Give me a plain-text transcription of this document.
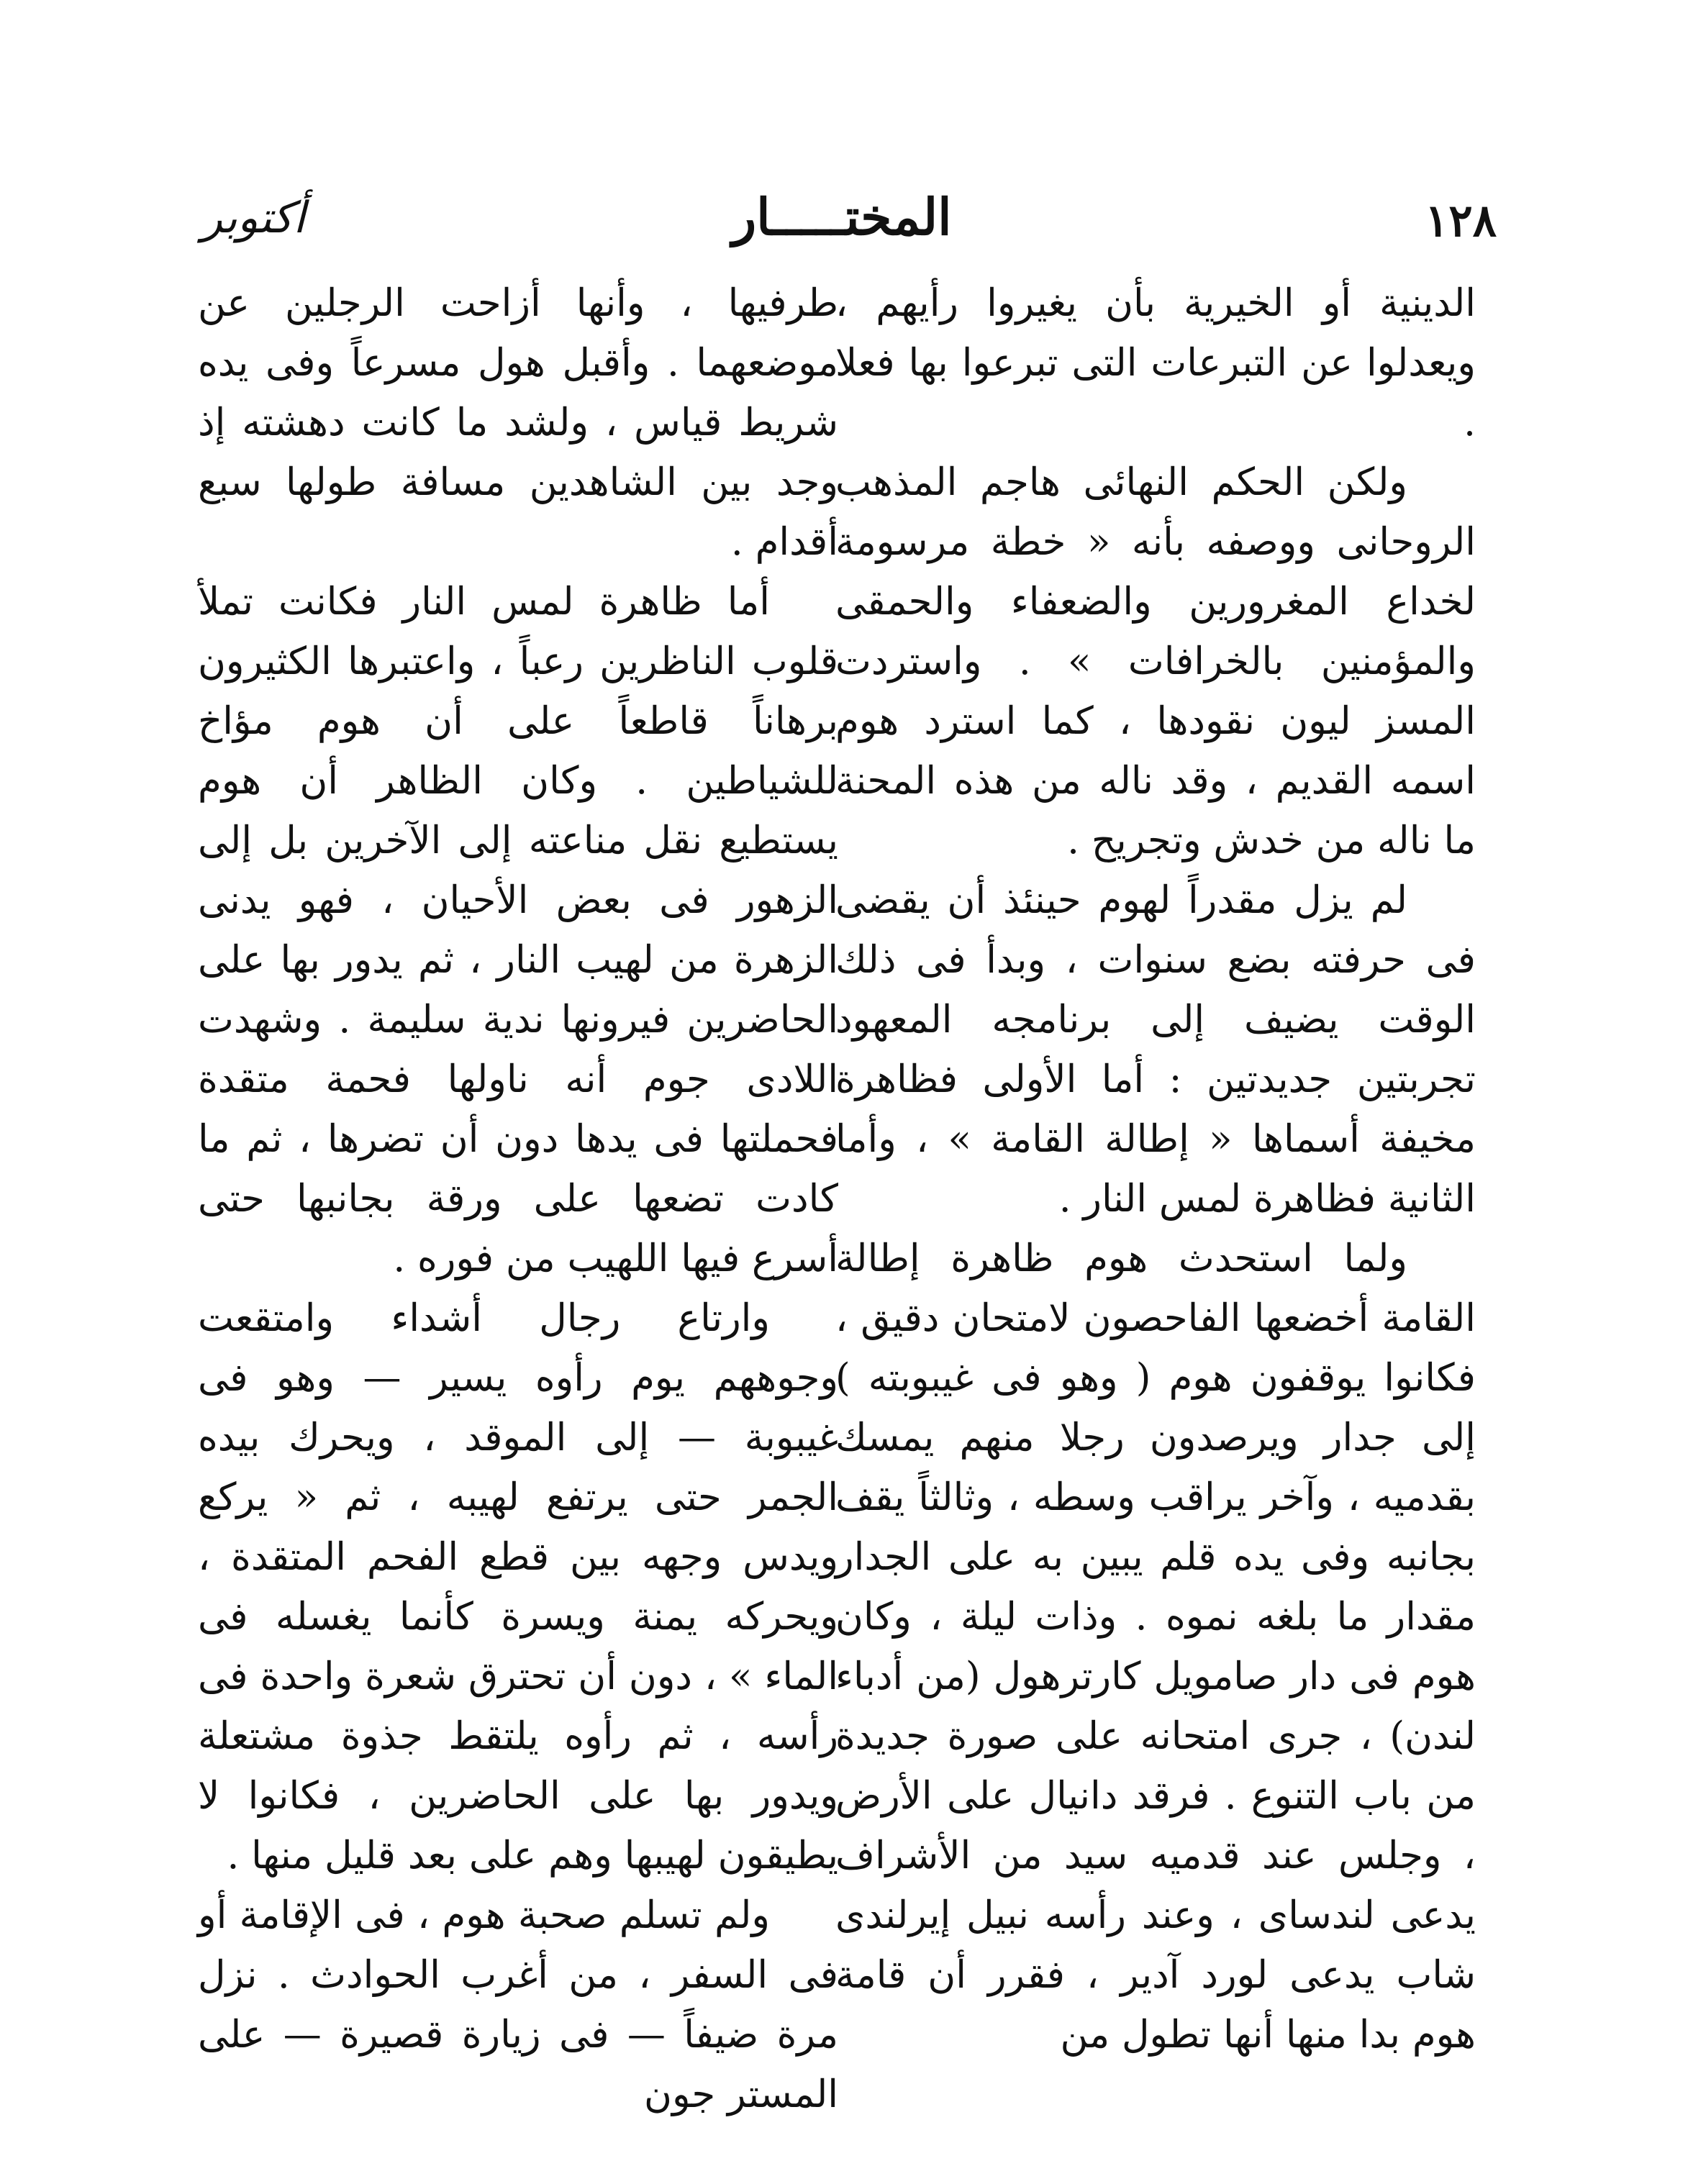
١٢٨
المختـــــار
أكتوبر

الدينية أو الخيرية بأن يغيروا رأيهم ، ويعدلوا عن التبرعات التى تبرعوا بها فعلا .

ولكن الحكم النهائى هاجم المذهب الروحانى ووصفه بأنه « خطة مرسومة لخداع المغرورين والضعفاء والحمقى والمؤمنين بالخرافات » . واستردت المسز ليون نقودها ، كما استرد هوم اسمه القديم ، وقد ناله من هذه المحنة ما ناله من خدش وتجريح .

لم يزل مقدراً لهوم حينئذ أن يقضى فى حرفته بضع سنوات ، وبدأ فى ذلك الوقت يضيف إلى برنامجه المعهود تجربتين جديدتين : أما الأولى فظاهرة مخيفة أسماها « إطالة القامة » ، وأما الثانية فظاهرة لمس النار .

ولما استحدث هوم ظاهرة إطالة القامة أخضعها الفاحصون لامتحان دقيق ، فكانوا يوقفون هوم ( وهو فى غيبوبته ) إلى جدار ويرصدون رجلا منهم يمسك بقدميه ، وآخر يراقب وسطه ، وثالثاً يقف بجانبه وفى يده قلم يبين به على الجدار مقدار ما بلغه نموه . وذات ليلة ، وكان هوم فى دار صامويل كارترهول (من أدباء لندن) ، جرى امتحانه على صورة جديدة من باب التنوع . فرقد دانيال على الأرض ، وجلس عند قدميه سيد من الأشراف يدعى لندساى ، وعند رأسه نبيل إيرلندى شاب يدعى لورد آدير ، فقرر أن قامة هوم بدا منها أنها تطول من

طرفيها ، وأنها أزاحت الرجلين عن موضعهما . وأقبل هول مسرعاً وفى يده شريط قياس ، ولشد ما كانت دهشته إذ وجد بين الشاهدين مسافة طولها سبع أقدام .

أما ظاهرة لمس النار فكانت تملأ قلوب الناظرين رعباً ، واعتبرها الكثيرون برهاناً قاطعاً على أن هوم مؤاخ للشياطين . وكان الظاهر أن هوم يستطيع نقل مناعته إلى الآخرين بل إلى الزهور فى بعض الأحيان ، فهو يدنى الزهرة من لهيب النار ، ثم يدور بها على الحاضرين فيرونها ندية سليمة . وشهدت اللادى جوم أنه ناولها فحمة متقدة فحملتها فى يدها دون أن تضرها ، ثم ما كادت تضعها على ورقة بجانبها حتى أسرع فيها اللهيب من فوره .

وارتاع رجال أشداء وامتقعت وجوههم يوم رأوه يسير — وهو فى غيبوبة — إلى الموقد ، ويحرك بيده الجمر حتى يرتفع لهيبه ، ثم « يركع ويدس وجهه بين قطع الفحم المتقدة ، ويحركه يمنة ويسرة كأنما يغسله فى الماء » ، دون أن تحترق شعرة واحدة فى رأسه ، ثم رأوه يلتقط جذوة مشتعلة ويدور بها على الحاضرين ، فكانوا لا يطيقون لهيبها وهم على بعد قليل منها .

ولم تسلم صحبة هوم ، فى الإقامة أو فى السفر ، من أغرب الحوادث . نزل مرة ضيفاً — فى زيارة قصيرة — على المستر جون
